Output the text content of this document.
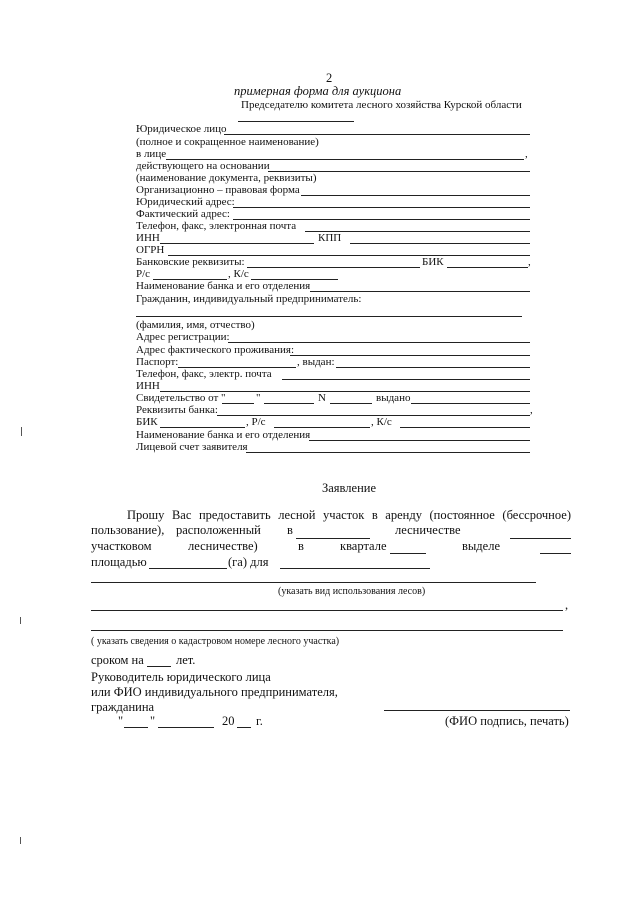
2
примерная форма для аукциона
Председателю комитета лесного хозяйства Курской области
Юридическое лицо
(полное и сокращенное наименование)
в лице	,
действующего на основании
(наименование документа, реквизиты)
Организационно – правовая форма
Юридический адрес:
Фактический адрес:
Телефон, факс, электронная почта
ИНН	КПП
ОГРН
Банковские реквизиты:	БИК	,
Р/с	, К/с
Наименование банка и его отделения
Гражданин, индивидуальный предприниматель:
(фамилия, имя, отчество)
Адрес регистрации:
Адрес фактического проживания:
Паспорт:	, выдан:
Телефон, факс, электр. почта
ИНН
Свидетельство от "	"	N	выдано
Реквизиты банка:	,
БИК	, Р/с	, К/с
Наименование банка и его отделения
Лицевой счет заявителя
Заявление
Прошу Вас предоставить лесной участок в аренду (постоянное (бессрочное)
пользование), расположенный в	лесничестве
участковом	лесничестве)	в	квартале	выделе
площадью	(га) для
(указать вид использования лесов)
,
( указать сведения о кадастровом номере лесного участка)
сроком на	лет.
Руководитель юридического лица
или ФИО индивидуального предпринимателя,
гражданина
" "	20 г.	(ФИО подпись, печать)
